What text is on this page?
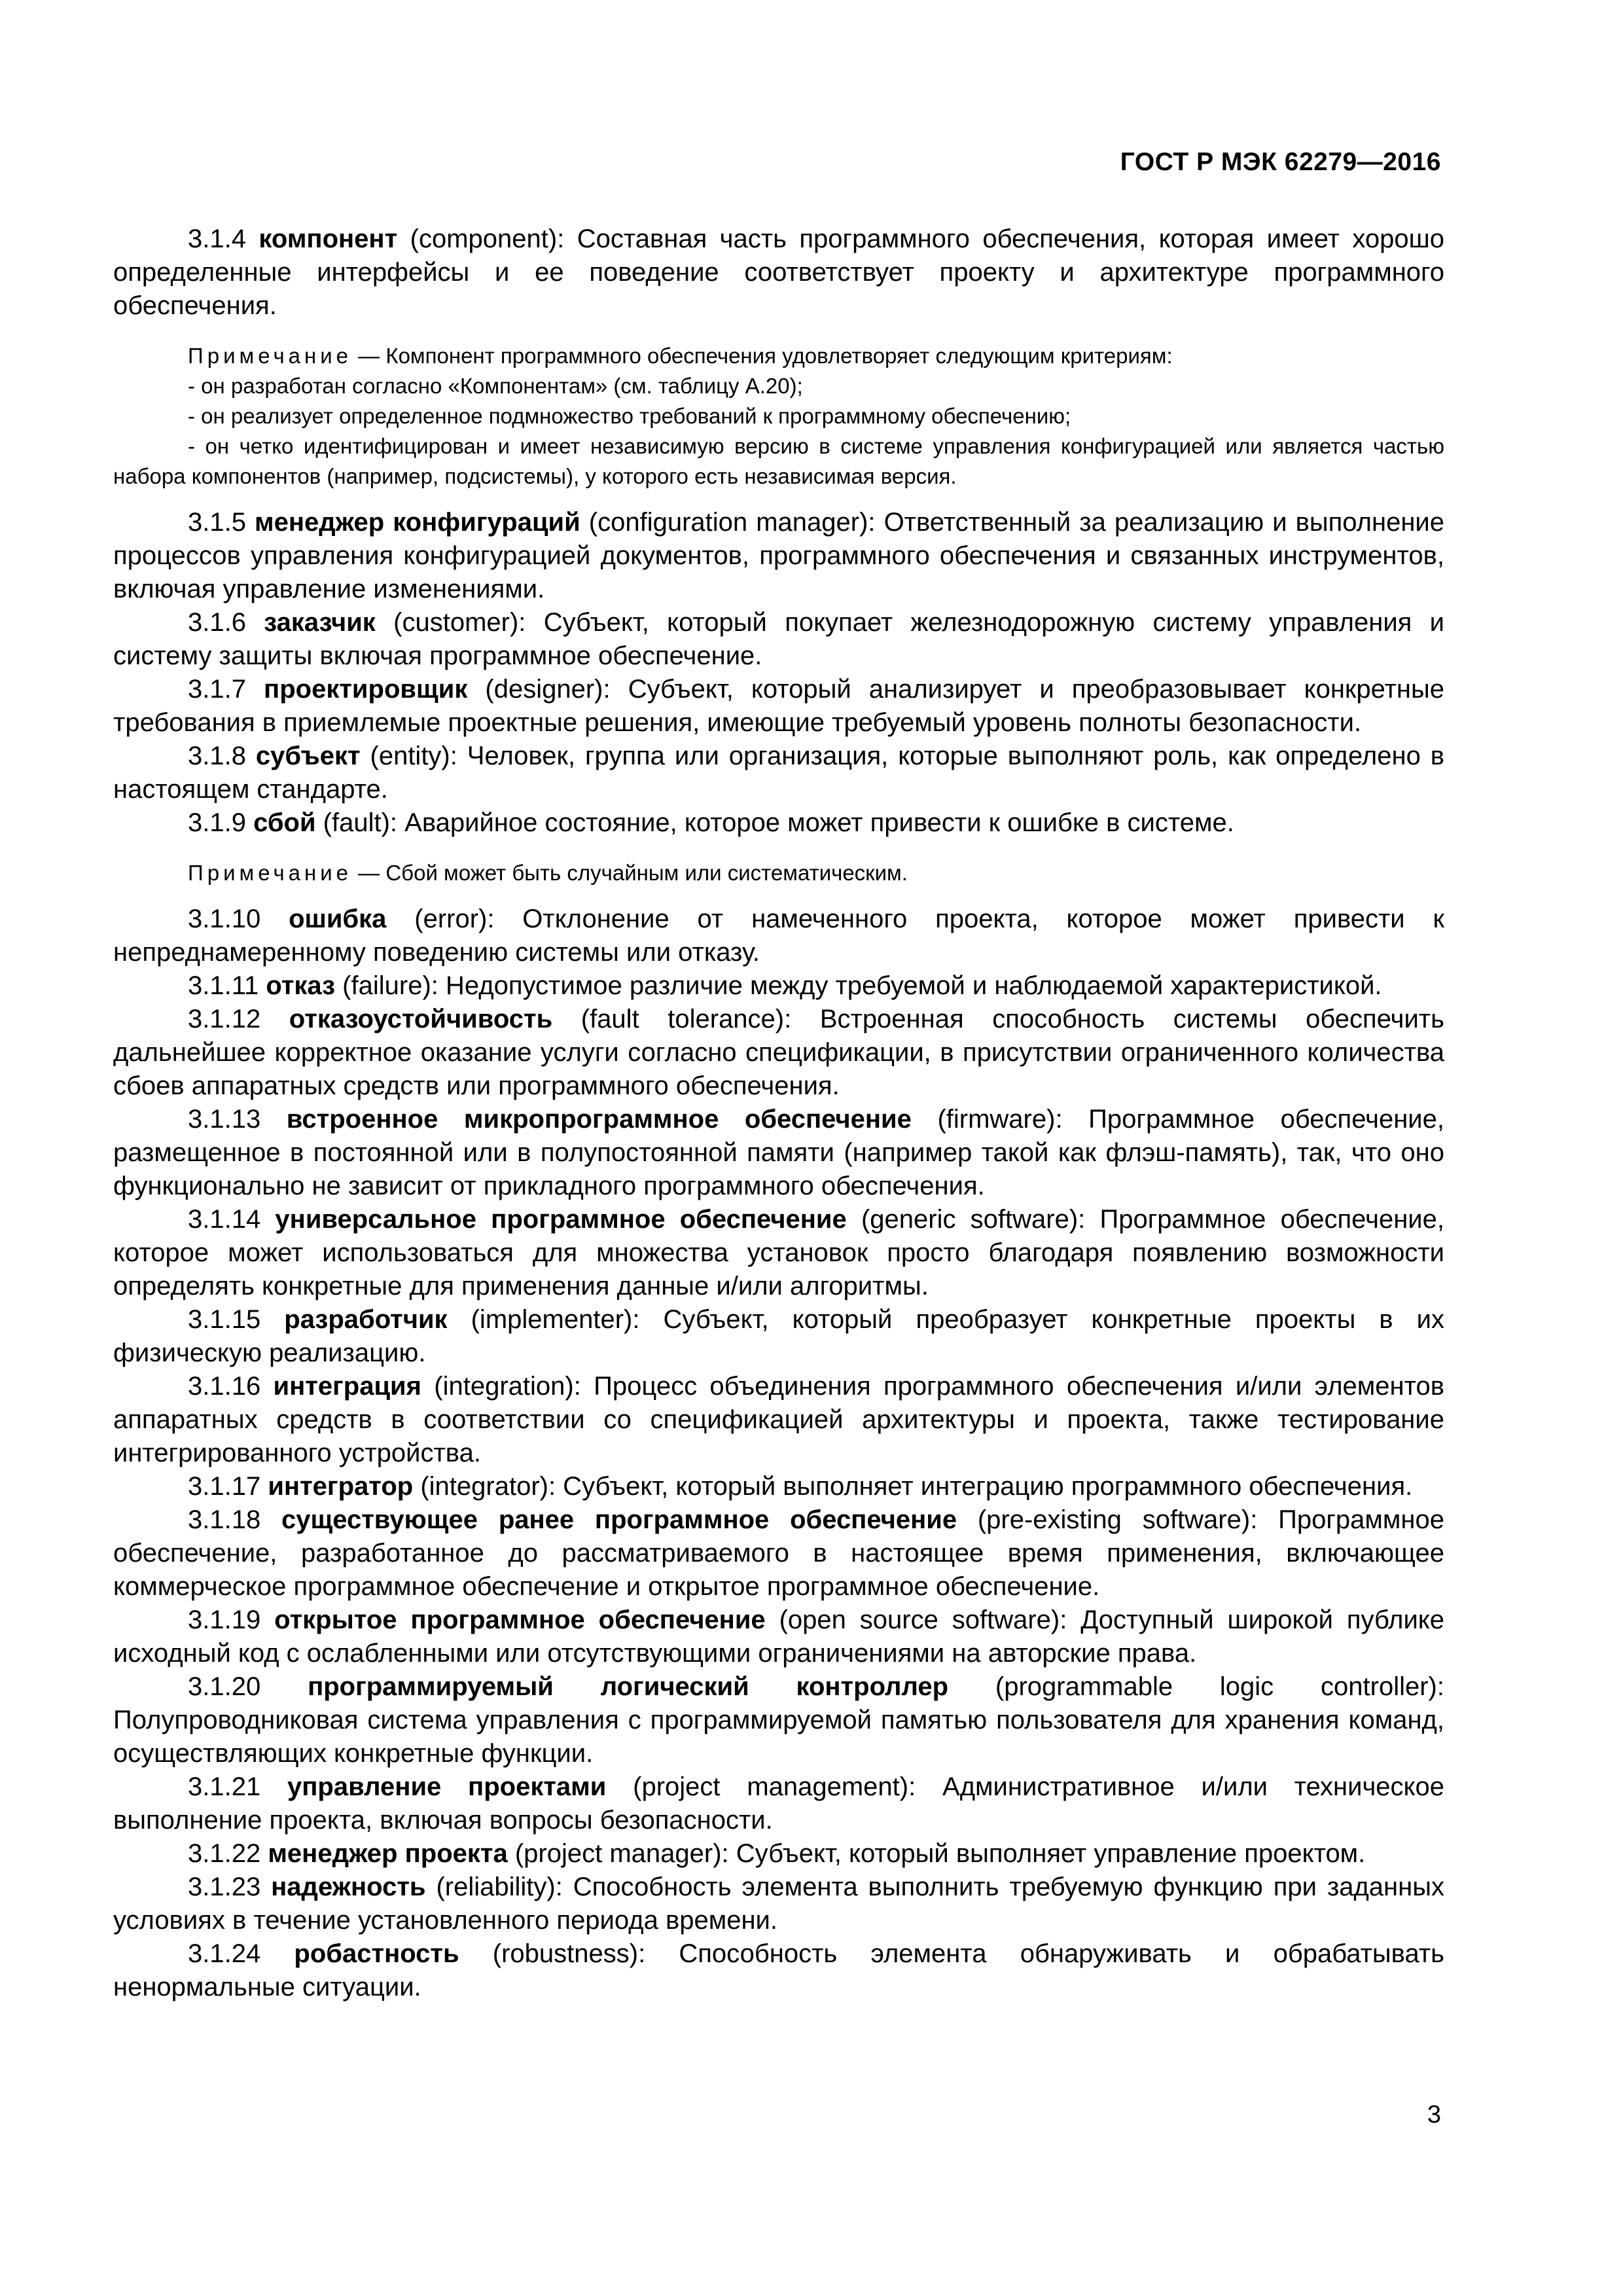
ГОСТ Р МЭК 62279—2016

3.1.4 компонент (component): Составная часть программного обеспечения, которая имеет хорошо определенные интерфейсы и ее поведение соответствует проекту и архитектуре программного обеспечения.

Примечание — Компонент программного обеспечения удовлетворяет следующим критериям:

- он разработан согласно «Компонентам» (см. таблицу А.20);

- он реализует определенное подмножество требований к программному обеспечению;

- он четко идентифицирован и имеет независимую версию в системе управления конфигурацией или является частью набора компонентов (например, подсистемы), у которого есть независимая версия.

3.1.5 менеджер конфигураций (configuration manager): Ответственный за реализацию и выполнение процессов управления конфигурацией документов, программного обеспечения и связанных инструментов, включая управление изменениями.

3.1.6 заказчик (customer): Субъект, который покупает железнодорожную систему управления и систему защиты включая программное обеспечение.

3.1.7 проектировщик (designer): Субъект, который анализирует и преобразовывает конкретные требования в приемлемые проектные решения, имеющие требуемый уровень полноты безопасности.

3.1.8 субъект (entity): Человек, группа или организация, которые выполняют роль, как определено в настоящем стандарте.

3.1.9 сбой (fault): Аварийное состояние, которое может привести к ошибке в системе.

Примечание — Сбой может быть случайным или систематическим.

3.1.10 ошибка (error): Отклонение от намеченного проекта, которое может привести к непреднамеренному поведению системы или отказу.

3.1.11 отказ (failure): Недопустимое различие между требуемой и наблюдаемой характеристикой.

3.1.12 отказоустойчивость (fault tolerance): Встроенная способность системы обеспечить дальнейшее корректное оказание услуги согласно спецификации, в присутствии ограниченного количества сбоев аппаратных средств или программного обеспечения.

3.1.13 встроенное микропрограммное обеспечение (firmware): Программное обеспечение, размещенное в постоянной или в полупостоянной памяти (например такой как флэш-память), так, что оно функционально не зависит от прикладного программного обеспечения.

3.1.14 универсальное программное обеспечение (generic software): Программное обеспечение, которое может использоваться для множества установок просто благодаря появлению возможности определять конкретные для применения данные и/или алгоритмы.

3.1.15 разработчик (implementer): Субъект, который преобразует конкретные проекты в их физическую реализацию.

3.1.16 интеграция (integration): Процесс объединения программного обеспечения и/или элементов аппаратных средств в соответствии со спецификацией архитектуры и проекта, также тестирование интегрированного устройства.

3.1.17 интегратор (integrator): Субъект, который выполняет интеграцию программного обеспечения.

3.1.18 существующее ранее программное обеспечение (pre-existing software): Программное обеспечение, разработанное до рассматриваемого в настоящее время применения, включающее коммерческое программное обеспечение и открытое программное обеспечение.

3.1.19 открытое программное обеспечение (open source software): Доступный широкой публике исходный код с ослабленными или отсутствующими ограничениями на авторские права.

3.1.20 программируемый логический контроллер (programmable logic controller): Полупроводниковая система управления с программируемой памятью пользователя для хранения команд, осуществляющих конкретные функции.

3.1.21 управление проектами (project management): Административное и/или техническое выполнение проекта, включая вопросы безопасности.

3.1.22 менеджер проекта (project manager): Субъект, который выполняет управление проектом.

3.1.23 надежность (reliability): Способность элемента выполнить требуемую функцию при заданных условиях в течение установленного периода времени.

3.1.24 робастность (robustness): Способность элемента обнаруживать и обрабатывать ненормальные ситуации.

3
